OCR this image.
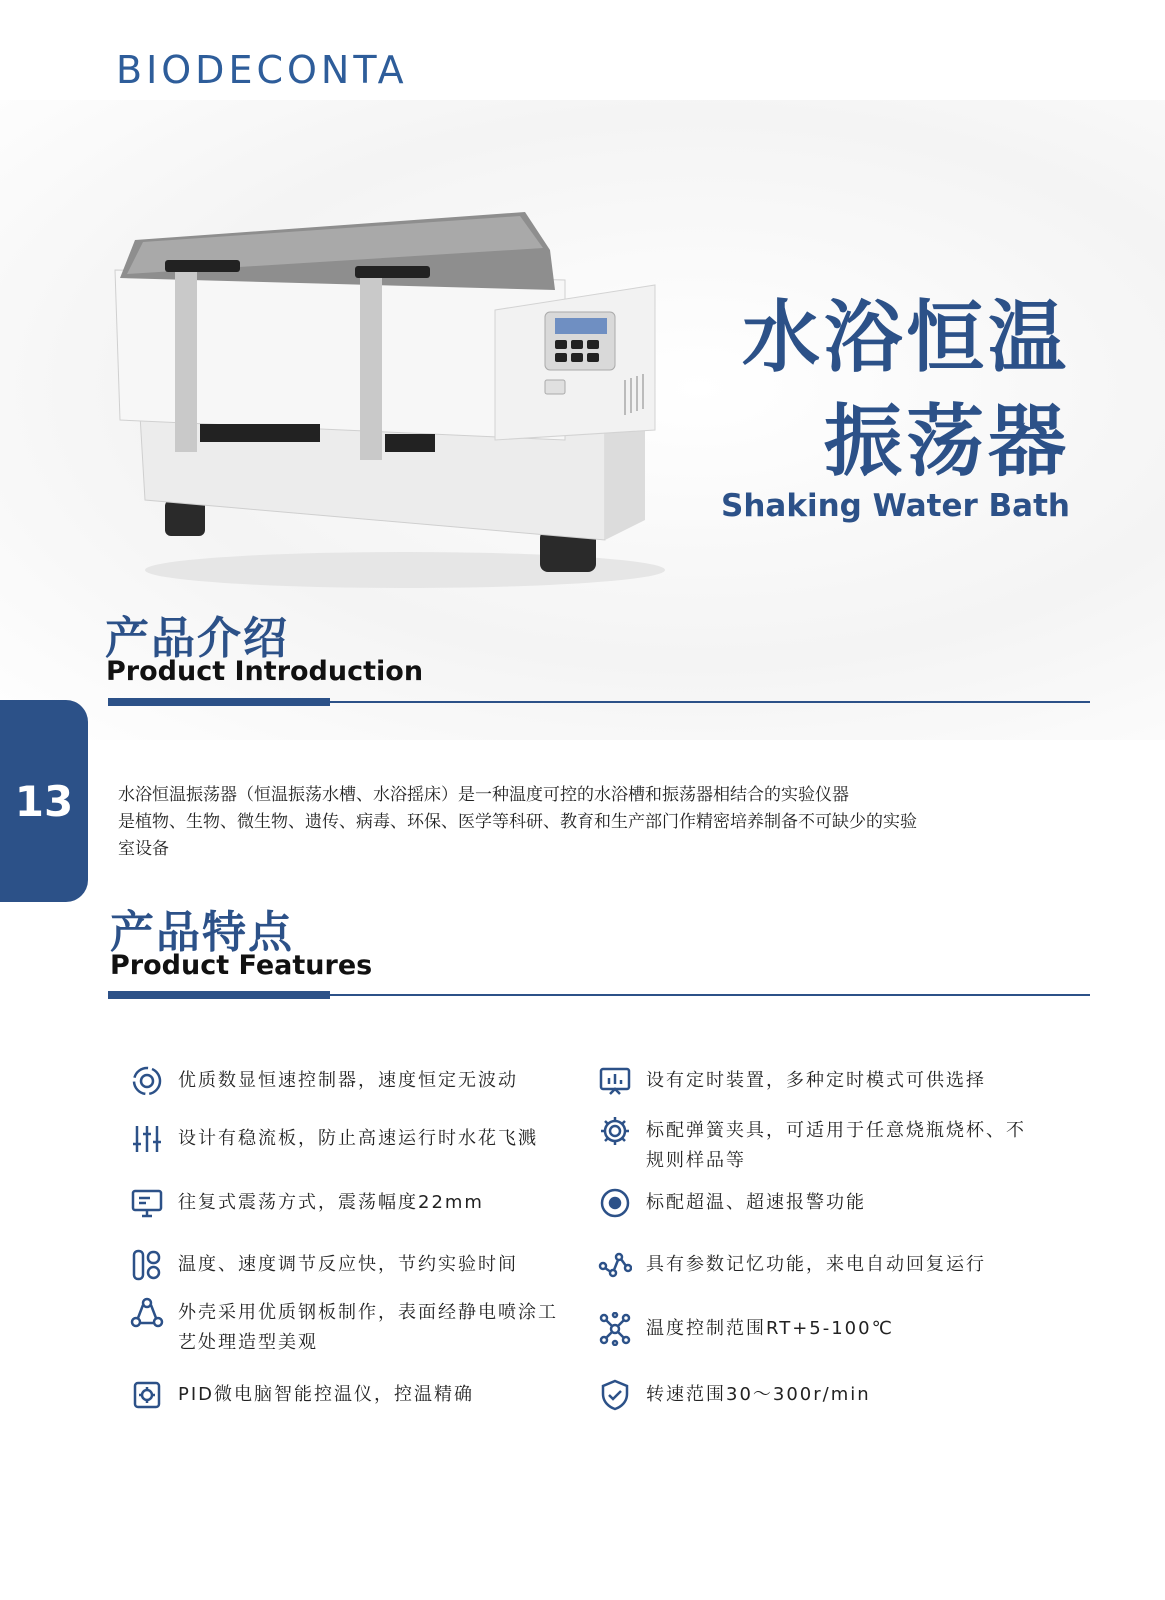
BIODECONTA
水浴恒温
振荡器
Shaking Water Bath
产品介绍
Product Introduction
13	水浴恒温振荡器（恒温振荡水槽、水浴摇床）是一种温度可控的水浴槽和振荡器相结合的实验仪器

是植物、生物、微生物、遗传、病毒、环保、医学等科研、教育和生产部门作精密培养制备不可缺少的实验

室设备

产品特点
Product Features
优质数显恒速控制器，速度恒定无波动
设计有稳流板，防止高速运行时水花飞溅
往复式震荡方式，震荡幅度22mm
温度、速度调节反应快，节约实验时间
外壳采用优质钢板制作，表面经静电喷涂工艺处理造型美观
PID微电脑智能控温仪，控温精确
设有定时装置，多种定时模式可供选择
标配弹簧夹具，可适用于任意烧瓶烧杯、不规则样品等
标配超温、超速报警功能
具有参数记忆功能，来电自动回复运行
温度控制范围RT+5-100℃
转速范围30～300r/min
